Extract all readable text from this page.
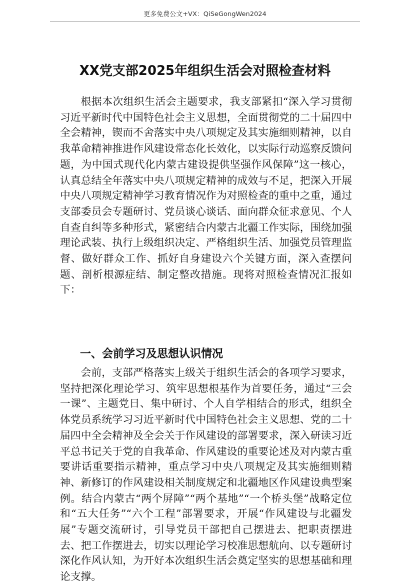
更多免费公文+VX：QiSeGongWen2024
XX党支部2025年组织生活会对照检查材料

根据本次组织生活会主题要求，我支部紧扣“深入学习贯彻习近平新时代中国特色社会主义思想，全面贯彻党的二十届四中全会精神，锲而不舍落实中央八项规定及其实施细则精神，以自我革命精神推进作风建设常态化长效化，以实际行动巡察反馈问题，为中国式现代化内蒙古建设提供坚强作风保障”这一核心，认真总结全年落实中央八项规定精神的成效与不足，把深入开展中央八项规定精神学习教育情况作为对照检查的重中之重，通过支部委员会专题研讨、党员谈心谈话、面向群众征求意见、个人自查自纠等多种形式，紧密结合内蒙古北疆工作实际，围绕加强理论武装、执行上级组织决定、严格组织生活、加强党员管理监督、做好群众工作、抓好自身建设六个关键方面，深入查摆问题、剖析根源症结、制定整改措施。现将对照检查情况汇报如下：

一、会前学习及思想认识情况

会前，支部严格落实上级关于组织生活会的各项学习要求，坚持把深化理论学习、筑牢思想根基作为首要任务，通过“三会一课”、主题党日、集中研讨、个人自学相结合的形式，组织全体党员系统学习习近平新时代中国特色社会主义思想、党的二十届四中全会精神及全会关于作风建设的部署要求，深入研读习近平总书记关于党的自我革命、作风建设的重要论述及对内蒙古重要讲话重要指示精神，重点学习中央八项规定及其实施细则精神、新修订的作风建设相关制度规定和北疆地区作风建设典型案例。结合内蒙古“两个屏障”“两个基地”“一个桥头堡”战略定位和“五大任务”“六个工程”部署要求，开展“作风建设与北疆发展”专题交流研讨，引导党员干部把自己摆进去、把职责摆进去、把工作摆进去，切实以理论学习校准思想航向、以专题研讨深化作风认知，为开好本次组织生活会奠定坚实的思想基础和理论支撑。
